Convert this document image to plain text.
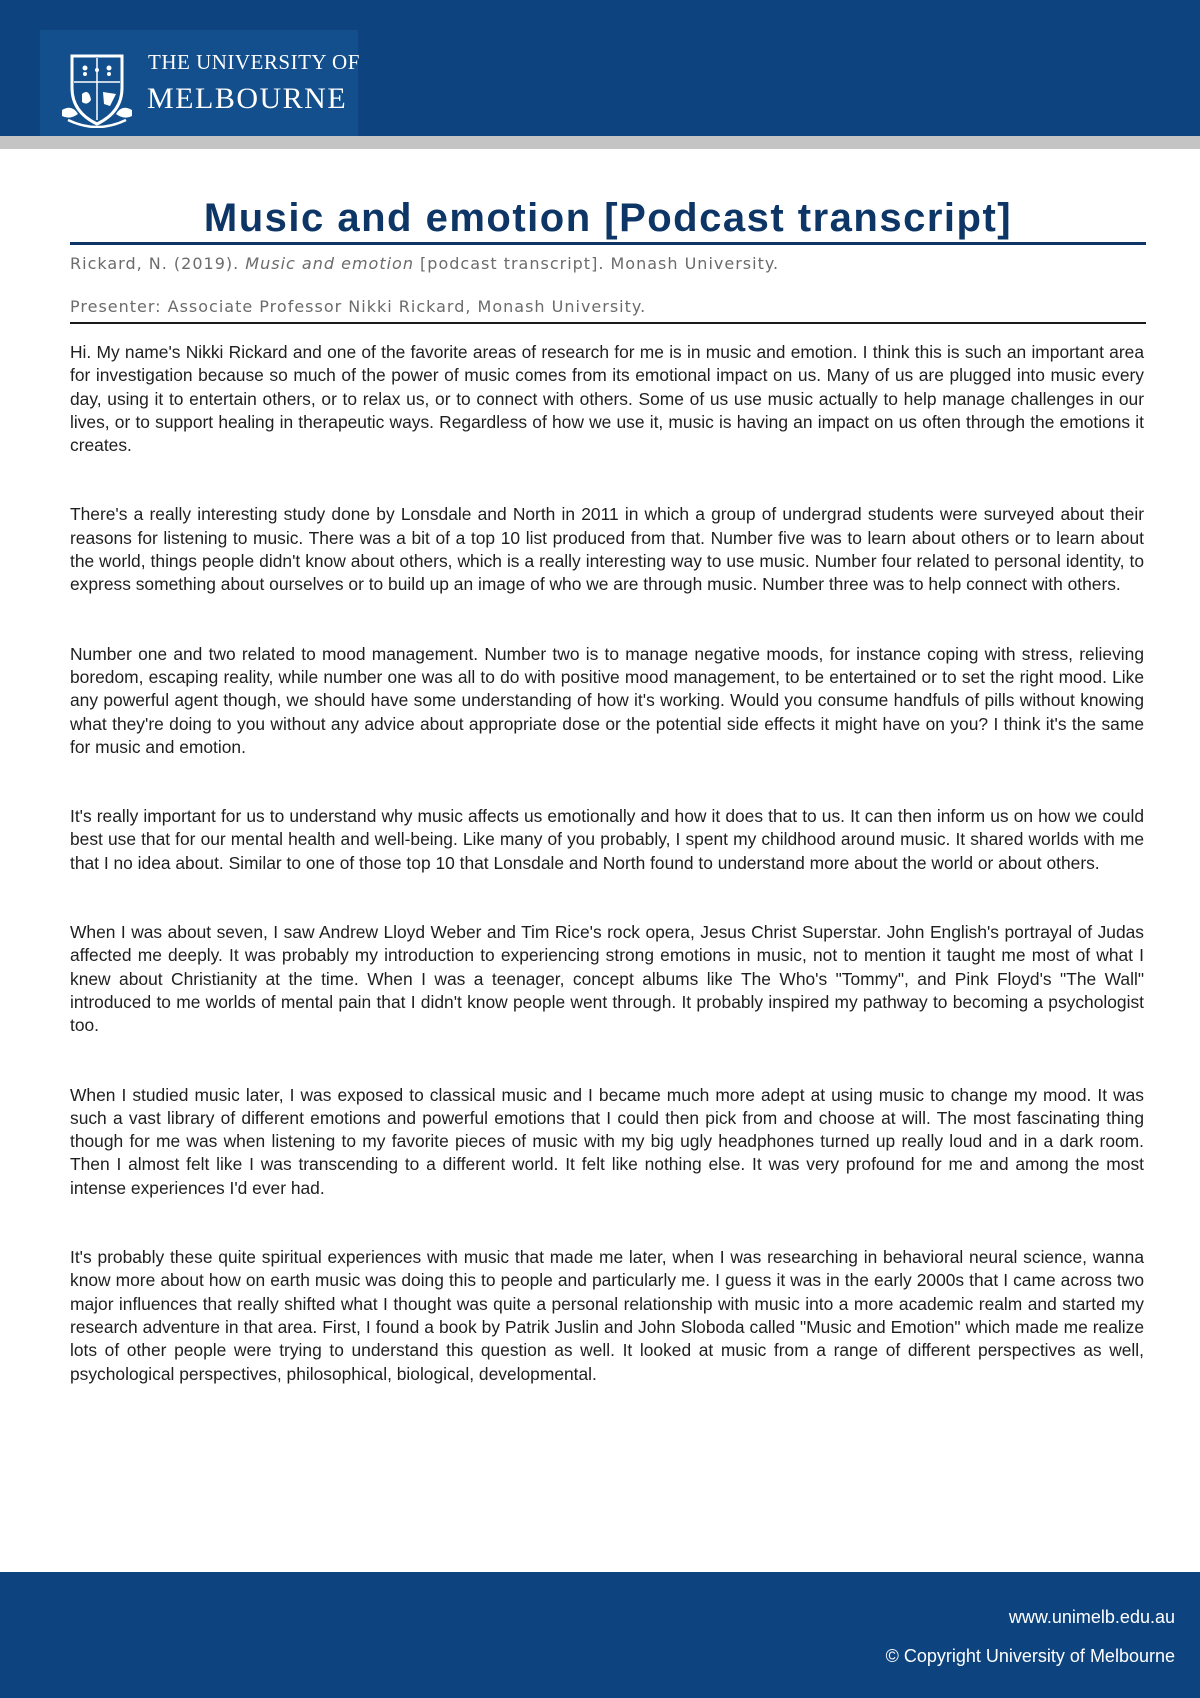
THE UNIVERSITY OF
MELBOURNE
Music and emotion [Podcast transcript]
Rickard, N. (2019). Music and emotion [podcast transcript]. Monash University.
Presenter: Associate Professor Nikki Rickard, Monash University.

Hi. My name's Nikki Rickard and one of the favorite areas of research for me is in music and emotion. I think this is such an important area for investigation because so much of the power of music comes from its emotional impact on us. Many of us are plugged into music every day, using it to entertain others, or to relax us, or to connect with others. Some of us use music actually to help manage challenges in our lives, or to support healing in therapeutic ways. Regardless of how we use it, music is having an impact on us often through the emotions it creates.

There's a really interesting study done by Lonsdale and North in 2011 in which a group of undergrad students were surveyed about their reasons for listening to music. There was a bit of a top 10 list produced from that. Number five was to learn about others or to learn about the world, things people didn't know about others, which is a really interesting way to use music. Number four related to personal identity, to express something about ourselves or to build up an image of who we are through music. Number three was to help connect with others.

Number one and two related to mood management. Number two is to manage negative moods, for instance coping with stress, relieving boredom, escaping reality, while number one was all to do with positive mood management, to be entertained or to set the right mood. Like any powerful agent though, we should have some understanding of how it's working. Would you consume handfuls of pills without knowing what they're doing to you without any advice about appropriate dose or the potential side effects it might have on you? I think it's the same for music and emotion.

It's really important for us to understand why music affects us emotionally and how it does that to us. It can then inform us on how we could best use that for our mental health and well-being. Like many of you probably, I spent my childhood around music. It shared worlds with me that I no idea about. Similar to one of those top 10 that Lonsdale and North found to understand more about the world or about others.

When I was about seven, I saw Andrew Lloyd Weber and Tim Rice's rock opera, Jesus Christ Superstar. John English's portrayal of Judas affected me deeply. It was probably my introduction to experiencing strong emotions in music, not to mention it taught me most of what I knew about Christianity at the time. When I was a teenager, concept albums like The Who's "Tommy", and Pink Floyd's "The Wall" introduced to me worlds of mental pain that I didn't know people went through. It probably inspired my pathway to becoming a psychologist too.

When I studied music later, I was exposed to classical music and I became much more adept at using music to change my mood. It was such a vast library of different emotions and powerful emotions that I could then pick from and choose at will. The most fascinating thing though for me was when listening to my favorite pieces of music with my big ugly headphones turned up really loud and in a dark room. Then I almost felt like I was transcending to a different world. It felt like nothing else. It was very profound for me and among the most intense experiences I'd ever had.

It's probably these quite spiritual experiences with music that made me later, when I was researching in behavioral neural science, wanna know more about how on earth music was doing this to people and particularly me. I guess it was in the early 2000s that I came across two major influences that really shifted what I thought was quite a personal relationship with music into a more academic realm and started my research adventure in that area. First, I found a book by Patrik Juslin and John Sloboda called "Music and Emotion" which made me realize lots of other people were trying to understand this question as well. It looked at music from a range of different perspectives as well, psychological perspectives, philosophical, biological, developmental.

www.unimelb.edu.au
© Copyright University of Melbourne
